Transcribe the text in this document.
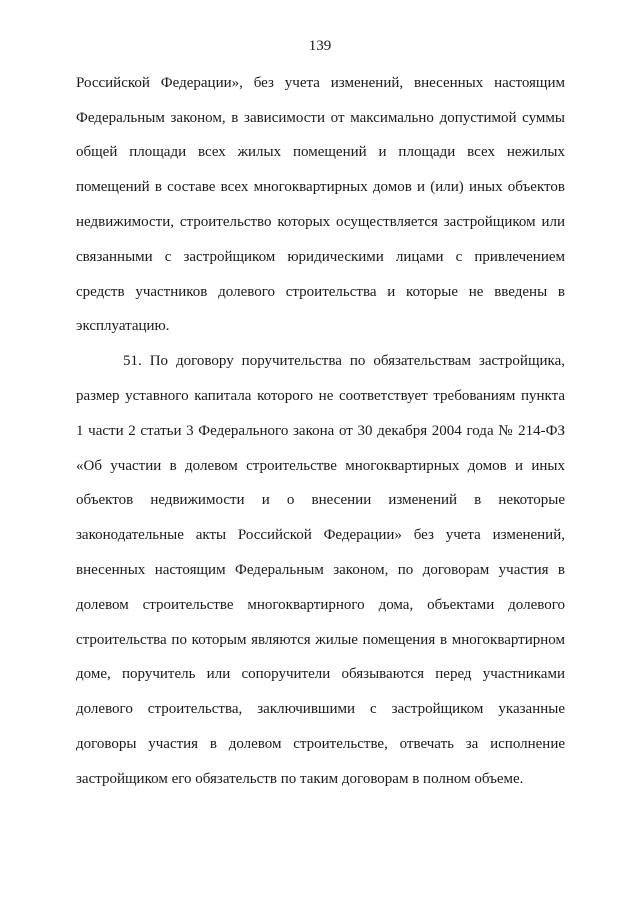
139
Российской Федерации», без учета изменений, внесенных настоящим
Федеральным законом, в зависимости от максимально допустимой суммы
общей площади всех жилых помещений и площади всех нежилых
помещений в составе всех многоквартирных домов и (или) иных объектов
недвижимости, строительство которых осуществляется застройщиком или
связанными с застройщиком юридическими лицами с привлечением
средств участников долевого строительства и которые не введены в
эксплуатацию.
51. По договору поручительства по обязательствам застройщика,
размер уставного капитала которого не соответствует требованиям пункта
1 части 2 статьи 3 Федерального закона от 30 декабря 2004 года № 214-ФЗ
«Об участии в долевом строительстве многоквартирных домов и иных
объектов недвижимости и о внесении изменений в некоторые
законодательные акты Российской Федерации» без учета изменений,
внесенных настоящим Федеральным законом, по договорам участия в
долевом строительстве многоквартирного дома, объектами долевого
строительства по которым являются жилые помещения в многоквартирном
доме, поручитель или сопоручители обязываются перед участниками
долевого строительства, заключившими с застройщиком указанные
договоры участия в долевом строительстве, отвечать за исполнение
застройщиком его обязательств по таким договорам в полном объеме.
